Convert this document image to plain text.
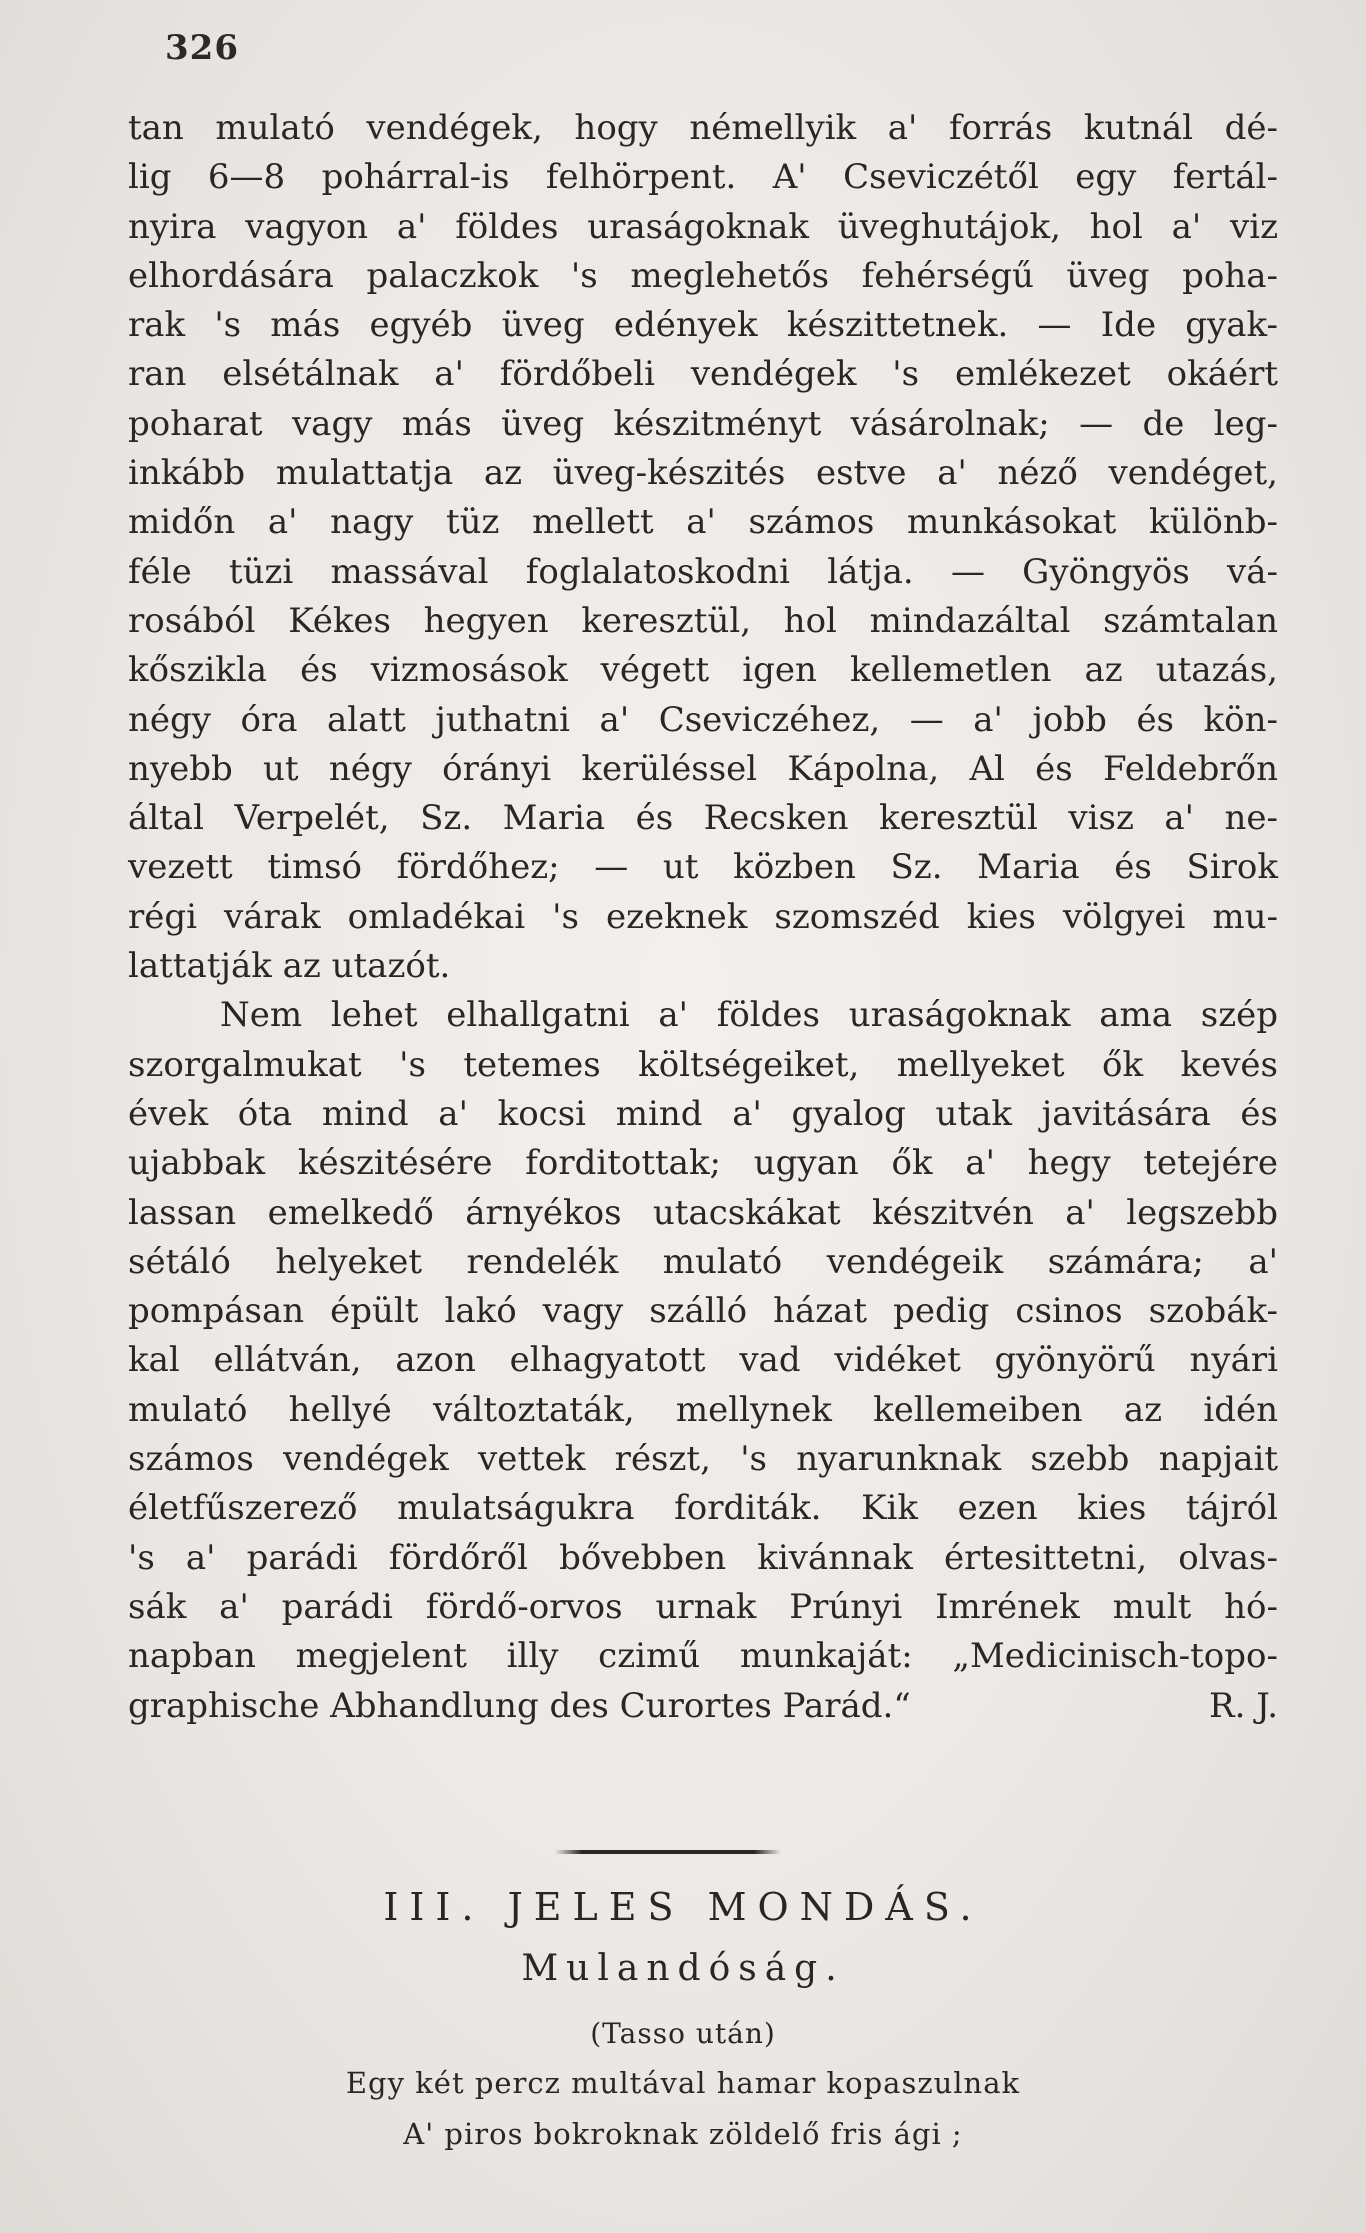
326
tan mulató vendégek, hogy némellyik a' forrás kutnál dé-
lig 6—8 pohárral-is felhörpent. A' Cseviczétől egy fertál-
nyira vagyon a' földes uraságoknak üveghutájok, hol a' viz
elhordására palaczkok 's meglehetős fehérségű üveg poha-
rak 's más egyéb üveg edények készittetnek. — Ide gyak-
ran elsétálnak a' fördőbeli vendégek 's emlékezet okáért
poharat vagy más üveg készitményt vásárolnak; — de leg-
inkább mulattatja az üveg-készités estve a' néző vendéget,
midőn a' nagy tüz mellett a' számos munkásokat különb-
féle tüzi massával foglalatoskodni látja. — Gyöngyös vá-
rosából Kékes hegyen keresztül, hol mindazáltal számtalan
kőszikla és vizmosások végett igen kellemetlen az utazás,
négy óra alatt juthatni a' Cseviczéhez, — a' jobb és kön-
nyebb ut négy órányi kerüléssel Kápolna, Al és Feldebrőn
által Verpelét, Sz. Maria és Recsken keresztül visz a' ne-
vezett timsó fördőhez; — ut közben Sz. Maria és Sirok
régi várak omladékai 's ezeknek szomszéd kies völgyei mu-
lattatják az utazót.
Nem lehet elhallgatni a' földes uraságoknak ama szép
szorgalmukat 's tetemes költségeiket, mellyeket ők kevés
évek óta mind a' kocsi mind a' gyalog utak javitására és
ujabbak készitésére forditottak; ugyan ők a' hegy tetejére
lassan emelkedő árnyékos utacskákat készitvén a' legszebb
sétáló helyeket rendelék mulató vendégeik számára; a'
pompásan épült lakó vagy szálló házat pedig csinos szobák-
kal ellátván, azon elhagyatott vad vidéket gyönyörű nyári
mulató hellyé változtaták, mellynek kellemeiben az idén
számos vendégek vettek részt, 's nyarunknak szebb napjait
életfűszerező mulatságukra forditák. Kik ezen kies tájról
's a' parádi fördőről bővebben kivánnak értesittetni, olvas-
sák a' parádi fördő-orvos urnak Prúnyi Imrének mult hó-
napban megjelent illy czimű munkaját: „Medicinisch-topo-
graphische Abhandlung des Curortes Parád.“	R. J.
III. JELES MONDÁS.
Mulandóság.
(Tasso után)
Egy két percz multával hamar kopaszulnak
A' piros bokroknak zöldelő fris ági ;
